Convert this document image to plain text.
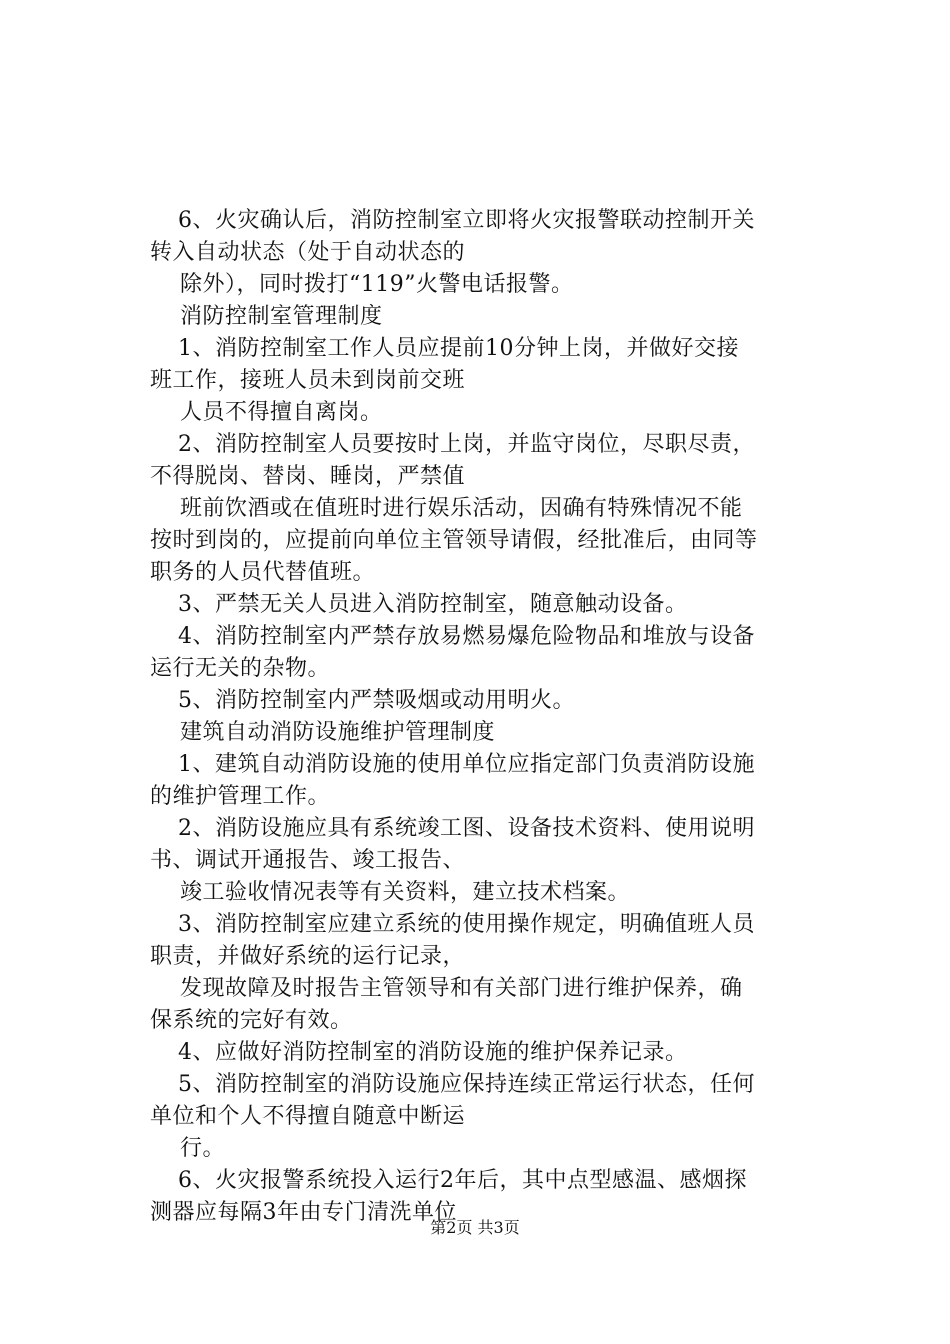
6、火灾确认后，消防控制室立即将火灾报警联动控制开关
转入自动状态（处于自动状态的
除外），同时拨打“119”火警电话报警。
消防控制室管理制度
1、消防控制室工作人员应提前10分钟上岗，并做好交接
班工作，接班人员未到岗前交班
人员不得擅自离岗。
2、消防控制室人员要按时上岗，并监守岗位，尽职尽责，
不得脱岗、替岗、睡岗，严禁值
班前饮酒或在值班时进行娱乐活动，因确有特殊情况不能
按时到岗的，应提前向单位主管领导请假，经批准后，由同等
职务的人员代替值班。
3、严禁无关人员进入消防控制室，随意触动设备。
4、消防控制室内严禁存放易燃易爆危险物品和堆放与设备
运行无关的杂物。
5、消防控制室内严禁吸烟或动用明火。
建筑自动消防设施维护管理制度
1、建筑自动消防设施的使用单位应指定部门负责消防设施
的维护管理工作。
2、消防设施应具有系统竣工图、设备技术资料、使用说明
书、调试开通报告、竣工报告、
竣工验收情况表等有关资料，建立技术档案。
3、消防控制室应建立系统的使用操作规定，明确值班人员
职责，并做好系统的运行记录，
发现故障及时报告主管领导和有关部门进行维护保养，确
保系统的完好有效。
4、应做好消防控制室的消防设施的维护保养记录。
5、消防控制室的消防设施应保持连续正常运行状态，任何
单位和个人不得擅自随意中断运
行。
6、火灾报警系统投入运行2年后，其中点型感温、感烟探
测器应每隔3年由专门清洗单位
第2页 共3页
